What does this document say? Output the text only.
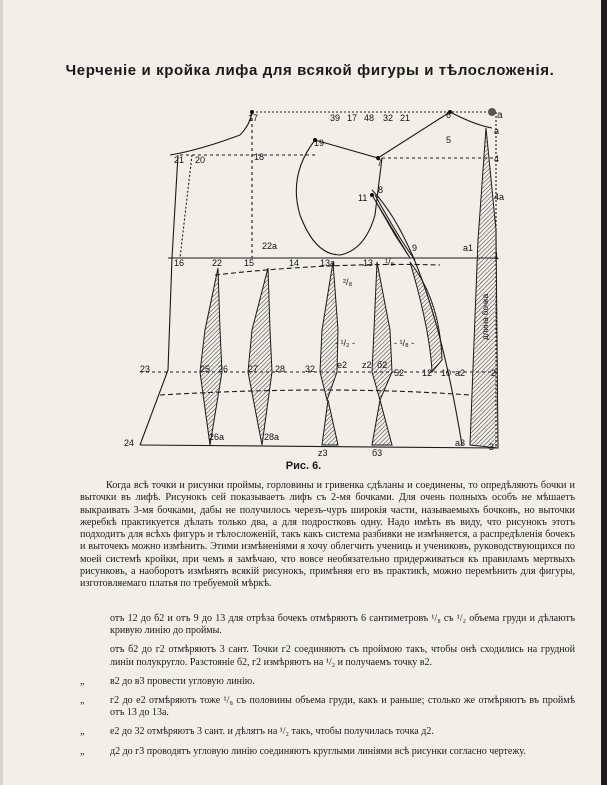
Черченіе и кройка лифа для всякой фигуры и тѣлосложенія.
17	39 17 48 32 21	6	a
19	5
a
21 20	18
7	4
8
11	4a
22a	9	a1
1
16	22 15	14 13a	13 ¹/₈
²/₈
- ¹/₂ -	- ¹/₈ -
23	25 26 27 28 32 e2 z2 б2
52 12 10 a2	2
24
26a	28a
z3	б3
a3	3
длина бочка
Рис. 6.
Когда всѣ точки и рисунки проймы, горловины и гривенка сдѣланы и соединены, то опредѣляють бочки и выточки въ лифѣ. Рисунокъ сей показываетъ лифъ съ 2-мя бочками. Для очень полныхъ особъ не мѣшаетъ выкраивать 3-мя бочками, дабы не получилось черезъ-чуръ широкія части, называемыхъ бочковъ, но выточки жеребкѣ практикуется дѣлать только два, а для подростковъ одну. Надо имѣть въ виду, что рисунокъ этотъ подходитъ для всѣхъ фигуръ и тѣлосложеній, такъ какъ система разбивки не измѣняется, а распредѣленія бочекъ и выточекъ можно измѣнить. Этими измѣненіями я хочу облегчить учениць и учениковъ, руководствующихся по моей системѣ кройки, при чемъ я замѣчаю, что вовсе необязательно придерживаться къ правиламъ мертвыхъ рисунковъ, а наоборотъ измѣнять всякій рисунокъ, примѣняя его въ практикѣ, можно перемѣнить для фигуры, изготовляемаго платья по требуемой мѣркѣ.
отъ 12 до б2 и отъ 9 до 13 для отрѣза бочекъ отмѣряютъ 6 сантиметровъ ¹/₈ съ ¹/₂ объема груди и дѣлаютъ кривую линію до проймы.
отъ б2 до г2 отмѣряютъ 3 сант. Точки г2 соединяютъ съ проймою такъ, чтобы онѣ сходились на грудной линіи полукругло. Разстояніе б2, г2 измѣряютъ на ¹/₂ и получаемъ точку в2.
„	в2 до в3 провести угловую линію.
„	г2 до е2 отмѣряютъ тоже ¹/₈ съ половины объема груди, какъ и раньше; столько же отмѣряютъ въ проймѣ отъ 13 до 13а.
„	е2 до 32 отмѣряютъ 3 сант. и дѣлятъ на ¹/₂ такъ, чтобы получилась точка д2.
„	д2 до г3 проводятъ угловую линію соединяютъ круглыми линіями всѣ рисунки согласно чертежу.
